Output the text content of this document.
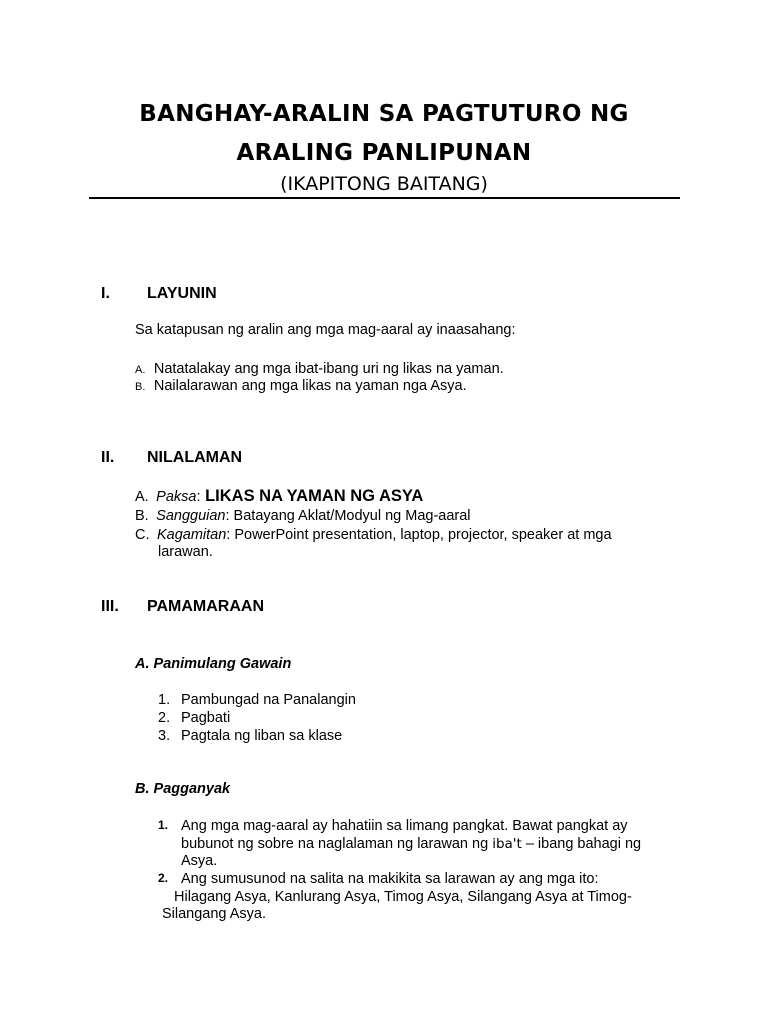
BANGHAY-ARALIN SA PAGTUTURO NG
ARALING PANLIPUNAN
(IKAPITONG BAITANG)
I. LAYUNIN
Sa katapusan ng aralin ang mga mag-aaral ay inaasahang:
A. Natatalakay ang mga ibat-ibang uri ng likas na yaman.
B. Nailalarawan ang mga likas na yaman nga Asya.
II. NILALAMAN
A. Paksa: LIKAS NA YAMAN NG ASYA
B. Sangguian: Batayang Aklat/Modyul ng Mag-aaral
C. Kagamitan: PowerPoint presentation, laptop, projector, speaker at mga
larawan.
III. PAMAMARAAN
A. Panimulang Gawain
1. Pambungad na Panalangin
2. Pagbati
3. Pagtala ng liban sa klase
B. Pagganyak
1. Ang mga mag-aaral ay hahatiin sa limang pangkat. Bawat pangkat ay
bubunot ng sobre na naglalaman ng larawan ng iba't – ibang bahagi ng
Asya.
2. Ang sumusunod na salita na makikita sa larawan ay ang mga ito:
Hilagang Asya, Kanlurang Asya, Timog Asya, Silangang Asya at Timog-
Silangang Asya.
